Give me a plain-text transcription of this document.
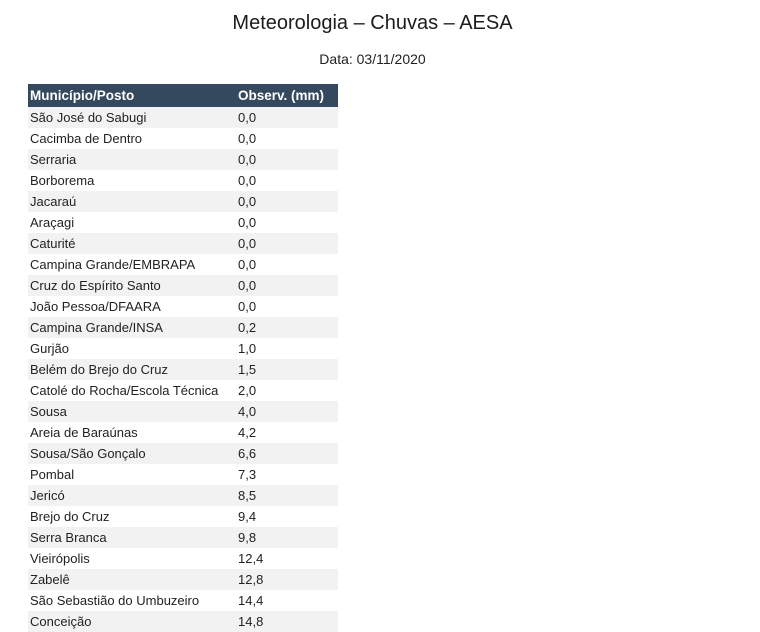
Meteorologia – Chuvas – AESA
Data: 03/11/2020
Município/Posto	Observ. (mm)
São José do Sabugi	0,0
Cacimba de Dentro	0,0
Serraria	0,0
Borborema	0,0
Jacaraú	0,0
Araçagi	0,0
Caturité	0,0
Campina Grande/EMBRAPA	0,0
Cruz do Espírito Santo	0,0
João Pessoa/DFAARA	0,0
Campina Grande/INSA	0,2
Gurjão	1,0
Belém do Brejo do Cruz	1,5
Catolé do Rocha/Escola Técnica	2,0
Sousa	4,0
Areia de Baraúnas	4,2
Sousa/São Gonçalo	6,6
Pombal	7,3
Jericó	8,5
Brejo do Cruz	9,4
Serra Branca	9,8
Vieirópolis	12,4
Zabelê	12,8
São Sebastião do Umbuzeiro	14,4
Conceição	14,8
